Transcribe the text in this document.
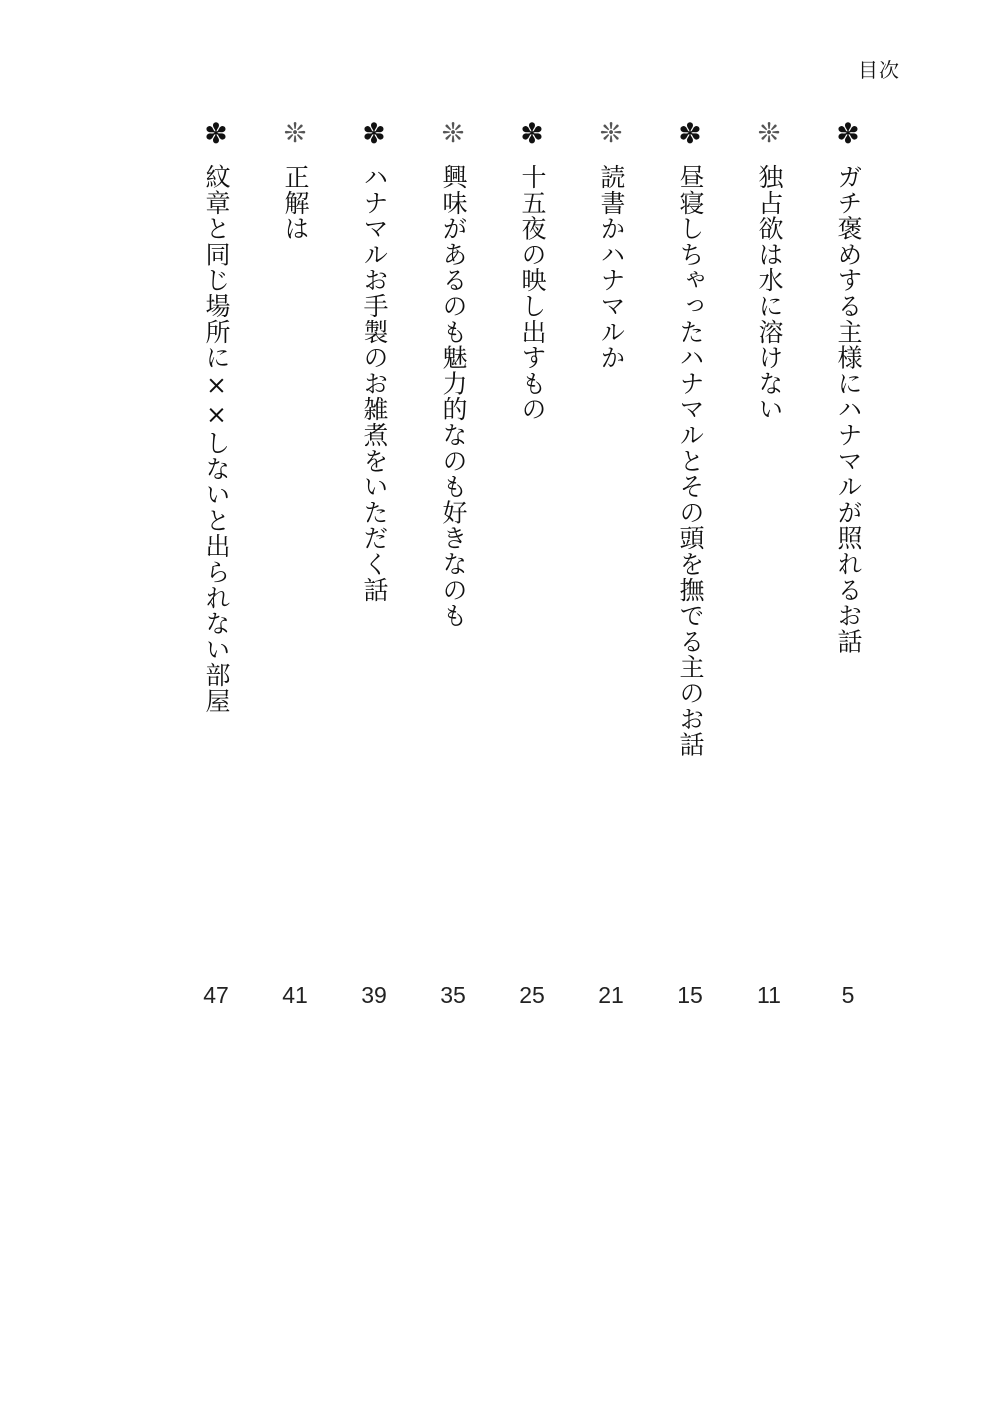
目次
✽
ガチ褒めする主様にハナマルが照れるお話
5
❊
独占欲は水に溶けない
11
✽
昼寝しちゃったハナマルとその頭を撫でる主のお話
15
❊
読書かハナマルか
21
✽
十五夜の映し出すもの
25
❊
興味があるのも魅力的なのも好きなのも
35
✽
ハナマルお手製のお雑煮をいただく話
39
❊
正解は
41
✽
紋章と同じ場所に××しないと出られない部屋
47
